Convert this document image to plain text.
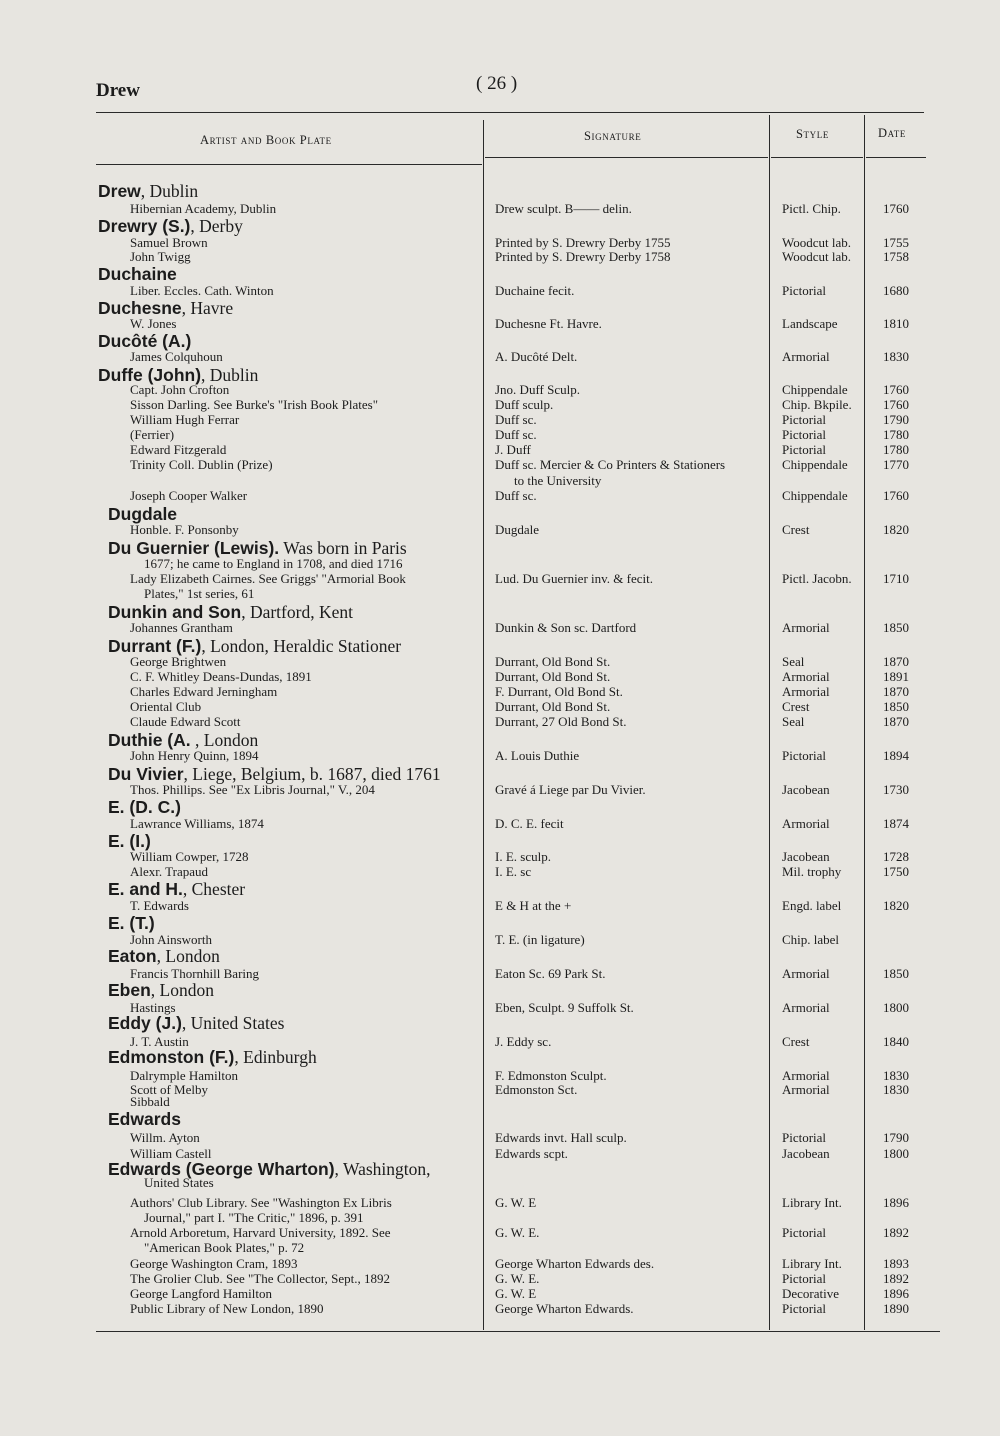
Drew	( 26 )
Artist and Book Plate	Signature	Style	Date
Drew, Dublin
Hibernian Academy, Dublin	Drew sculpt. B—— delin.	Pictl. Chip.	1760
Drewry (S.), Derby
Samuel Brown	Printed by S. Drewry Derby 1755	Woodcut lab. 1755
John Twigg	Printed by S. Drewry Derby 1758	Woodcut lab. 1758
Duchaine
Liber. Eccles. Cath. Winton	Duchaine fecit.	Pictorial	1680
Duchesne, Havre
W. Jones	Duchesne Ft. Havre.	Landscape	1810
Ducôté (A.)
James Colquhoun	A. Ducôté Delt.	Armorial	1830
Duffe (John), Dublin
Capt. John Crofton	Jno. Duff Sculp.	Chippendale	1760
Sisson Darling. See Burke's "Irish Book Plates"	Duff sculp.	Chip. Bkpile. 1760
William Hugh Ferrar	Duff sc.	Pictorial	1790
(Ferrier)	Duff sc.	Pictorial	1780
Edward Fitzgerald	J. Duff	Pictorial	1780
Trinity Coll. Dublin (Prize)	Duff sc. Mercier & Co Printers & Stationers	Chippendale	1770
to the University
Joseph Cooper Walker	Duff sc.	Chippendale	1760
Dugdale
Honble. F. Ponsonby	Dugdale	Crest	1820
Du Guernier (Lewis). Was born in Paris
1677; he came to England in 1708, and died 1716
Lady Elizabeth Cairnes. See Griggs' "Armorial Book	Lud. Du Guernier inv. & fecit.	Pictl. Jacobn. 1710
Plates," 1st series, 61
Dunkin and Son, Dartford, Kent
Johannes Grantham	Dunkin & Son sc. Dartford	Armorial	1850
Durrant (F.), London, Heraldic Stationer
George Brightwen	Durrant, Old Bond St.	Seal	1870
C. F. Whitley Deans-Dundas, 1891	Durrant, Old Bond St.	Armorial	1891
Charles Edward Jerningham	F. Durrant, Old Bond St.	Armorial	1870
Oriental Club	Durrant, Old Bond St.	Crest	1850
Claude Edward Scott	Durrant, 27 Old Bond St.	Seal	1870
Duthie (A. , London
John Henry Quinn, 1894	A. Louis Duthie	Pictorial	1894
Du Vivier, Liege, Belgium, b. 1687, died 1761
Thos. Phillips. See "Ex Libris Journal," V., 204	Gravé á Liege par Du Vivier.	Jacobean	1730
E. (D. C.)
Lawrance Williams, 1874	D. C. E. fecit	Armorial	1874
E. (I.)
William Cowper, 1728	I. E. sculp.	Jacobean	1728
Alexr. Trapaud	I. E. sc	Mil. trophy	1750
E. and H., Chester
T. Edwards	E & H at the +	Engd. label	1820
E. (T.)
John Ainsworth	T. E. (in ligature)	Chip. label
Eaton, London
Francis Thornhill Baring	Eaton Sc. 69 Park St.	Armorial	1850
Eben, London
Hastings	Eben, Sculpt. 9 Suffolk St.	Armorial	1800
Eddy (J.), United States
J. T. Austin	J. Eddy sc.	Crest	1840
Edmonston (F.), Edinburgh
Dalrymple Hamilton	F. Edmonston Sculpt.	Armorial	1830
Scott of Melby	Edmonston Sct.	Armorial	1830
Sibbald
Edwards
Willm. Ayton	Edwards invt. Hall sculp.	Pictorial	1790
William Castell	Edwards scpt.	Jacobean	1800
Edwards (George Wharton), Washington,
United States
Authors' Club Library. See "Washington Ex Libris	G. W. E	Library Int.	1896
Journal," part I. "The Critic," 1896, p. 391
Arnold Arboretum, Harvard University, 1892. See	G. W. E.	Pictorial	1892
"American Book Plates," p. 72
George Washington Cram, 1893	George Wharton Edwards des.	Library Int.	1893
The Grolier Club. See "The Collector, Sept., 1892	G. W. E.	Pictorial	1892
George Langford Hamilton	G. W. E	Decorative	1896
Public Library of New London, 1890	George Wharton Edwards.	Pictorial	1890
